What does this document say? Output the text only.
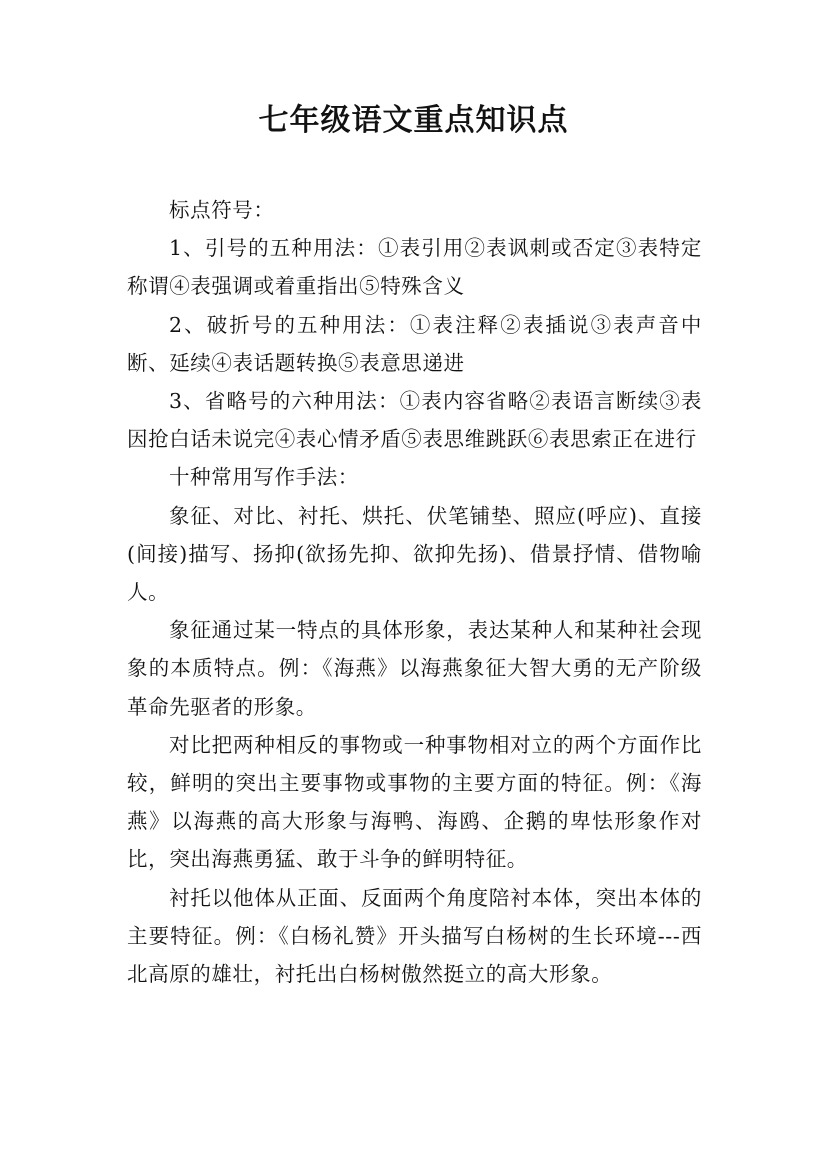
七年级语文重点知识点

标点符号：

1、引号的五种用法：①表引用②表讽刺或否定③表特定称谓④表强调或着重指出⑤特殊含义

2、破折号的五种用法：①表注释②表插说③表声音中断、延续④表话题转换⑤表意思递进

3、省略号的六种用法：①表内容省略②表语言断续③表因抢白话未说完④表心情矛盾⑤表思维跳跃⑥表思索正在进行

十种常用写作手法：

象征、对比、衬托、烘托、伏笔铺垫、照应(呼应)、直接(间接)描写、扬抑(欲扬先抑、欲抑先扬)、借景抒情、借物喻人。

象征通过某一特点的具体形象，表达某种人和某种社会现象的本质特点。例：《海燕》以海燕象征大智大勇的无产阶级革命先驱者的形象。

对比把两种相反的事物或一种事物相对立的两个方面作比较，鲜明的突出主要事物或事物的主要方面的特征。例：《海燕》以海燕的高大形象与海鸭、海鸥、企鹅的卑怯形象作对比，突出海燕勇猛、敢于斗争的鲜明特征。

衬托以他体从正面、反面两个角度陪衬本体，突出本体的主要特征。例：《白杨礼赞》开头描写白杨树的生长环境---西北高原的雄壮，衬托出白杨树傲然挺立的高大形象。
